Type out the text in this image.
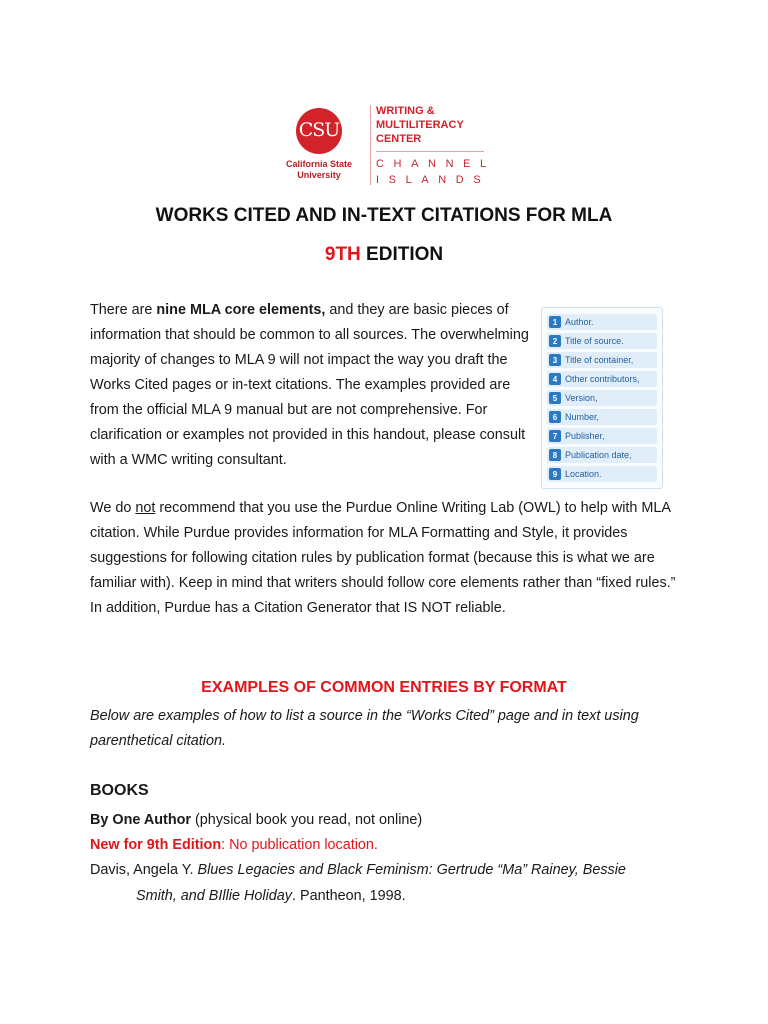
CSU
California State
University
WRITING &
MULTILITERACY
CENTER
CHANNEL
ISLANDS
WORKS CITED AND IN-TEXT CITATIONS FOR MLA
9TH EDITION

There are nine MLA core elements, and they are basic pieces of information that should be common to all sources. The overwhelming majority of changes to MLA 9 will not impact the way you draft the Works Cited pages or in-text citations. The examples provided are from the official MLA 9 manual but are not comprehensive. For clarification or examples not provided in this handout, please consult with a WMC writing consultant.

1 Author.
2 Title of source.
3 Title of container,
4 Other contributors,
5 Version,
6 Number,
7 Publisher,
8 Publication date,
9 Location.

We do not recommend that you use the Purdue Online Writing Lab (OWL) to help with MLA citation. While Purdue provides information for MLA Formatting and Style, it provides suggestions for following citation rules by publication format (because this is what we are familiar with). Keep in mind that writers should follow core elements rather than “fixed rules.” In addition, Purdue has a Citation Generator that IS NOT reliable.

EXAMPLES OF COMMON ENTRIES BY FORMAT

Below are examples of how to list a source in the “Works Cited” page and in text using parenthetical citation.

BOOKS
By One Author (physical book you read, not online)
New for 9th Edition: No publication location.
Davis, Angela Y. Blues Legacies and Black Feminism: Gertrude “Ma” Rainey, Bessie
Smith, and BIllie Holiday. Pantheon, 1998.
